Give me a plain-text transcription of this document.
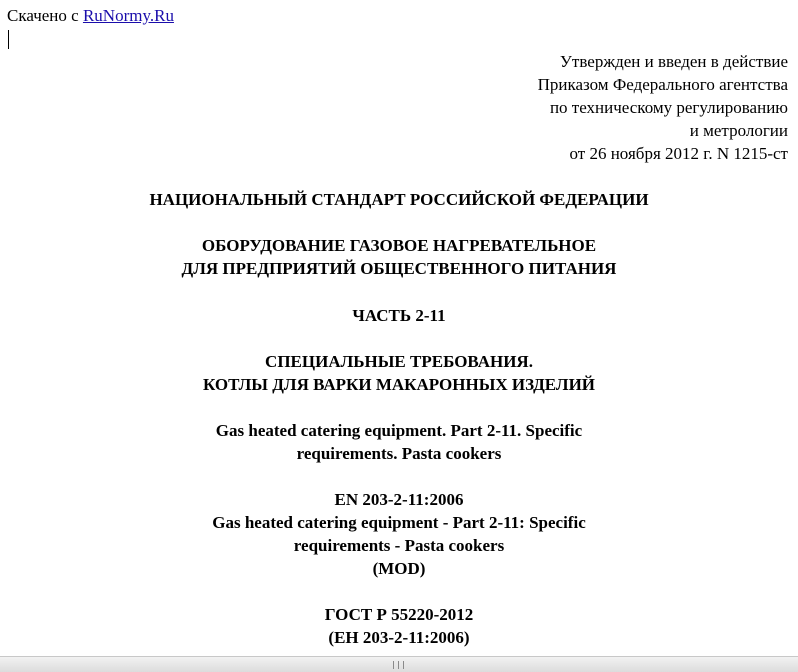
Скачено с RuNormy.Ru
Утвержден и введен в действие
Приказом Федерального агентства
по техническому регулированию
и метрологии
от 26 ноября 2012 г. N 1215-ст
НАЦИОНАЛЬНЫЙ СТАНДАРТ РОССИЙСКОЙ ФЕДЕРАЦИИ
ОБОРУДОВАНИЕ ГАЗОВОЕ НАГРЕВАТЕЛЬНОЕ
ДЛЯ ПРЕДПРИЯТИЙ ОБЩЕСТВЕННОГО ПИТАНИЯ
ЧАСТЬ 2-11
СПЕЦИАЛЬНЫЕ ТРЕБОВАНИЯ.
КОТЛЫ ДЛЯ ВАРКИ МАКАРОННЫХ ИЗДЕЛИЙ
Gas heated catering equipment. Part 2-11. Specific
requirements. Pasta cookers
EN 203-2-11:2006
Gas heated catering equipment - Part 2-11: Specific
requirements - Pasta cookers
(MOD)
ГОСТ Р 55220-2012
(ЕН 203-2-11:2006)
